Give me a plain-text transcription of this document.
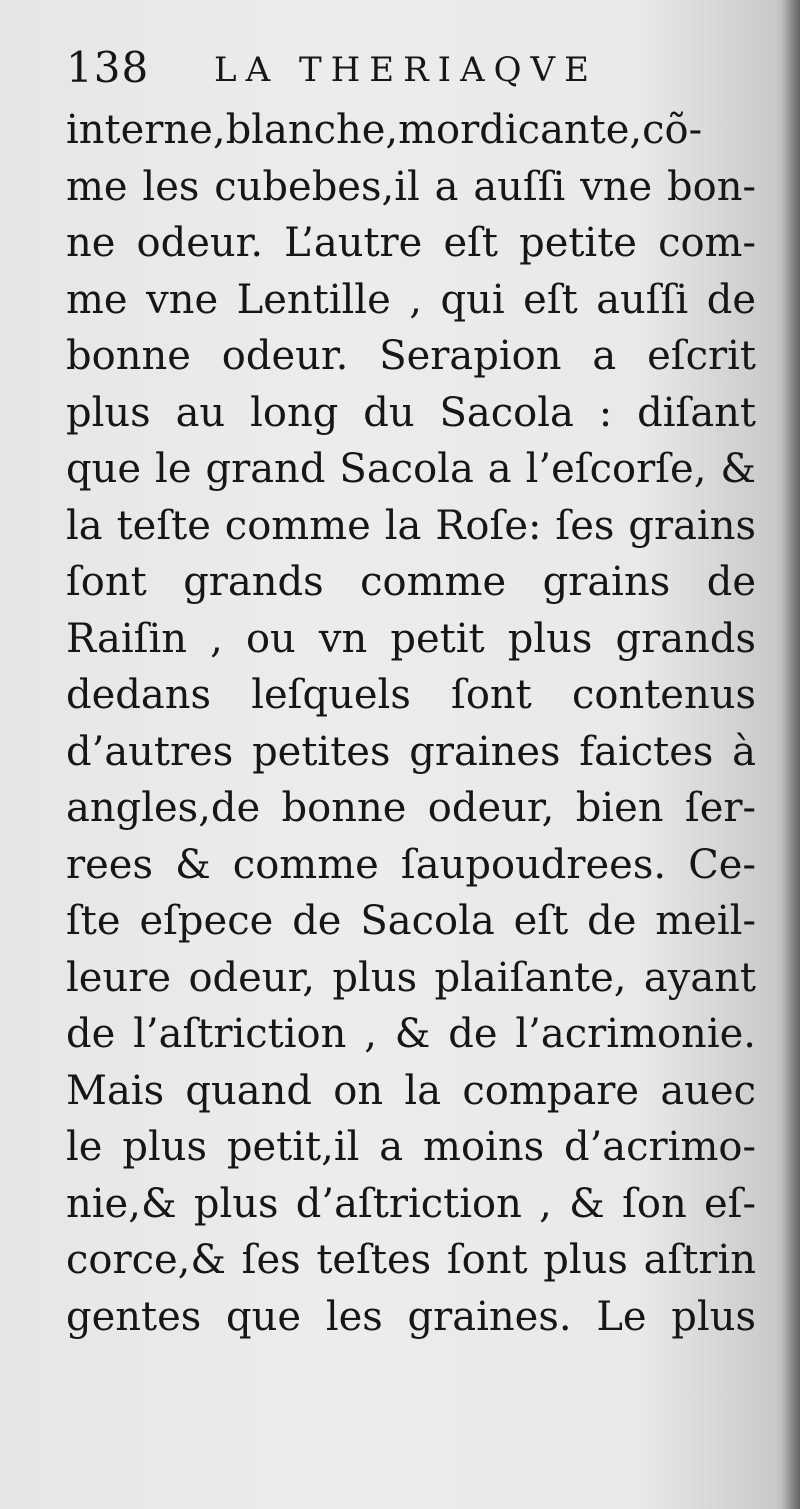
138 LA THERIAQVE
interne,blanche,mordicante,cõ-
me les cubebes,il a auſſi vne bon-
ne odeur. L’autre eſt petite com-
me vne Lentille , qui eſt auſſi de
bonne odeur. Serapion a eſcrit
plus au long du Sacola : diſant
que le grand Sacola a l’eſcorſe, &
la teſte comme la Roſe: ſes grains
ſont grands comme grains de
Raiſin , ou vn petit plus grands
dedans leſquels ſont contenus
d’autres petites graines faictes à
angles,de bonne odeur, bien ſer-
rees & comme ſaupoudrees. Ce-
ſte eſpece de Sacola eſt de meil-
leure odeur, plus plaiſante, ayant
de l’aſtriction , & de l’acrimonie.
Mais quand on la compare auec
le plus petit,il a moins d’acrimo-
nie,& plus d’aſtriction , & ſon eſ-
corce,& ſes teſtes ſont plus aſtrin
gentes que les graines. Le plus
